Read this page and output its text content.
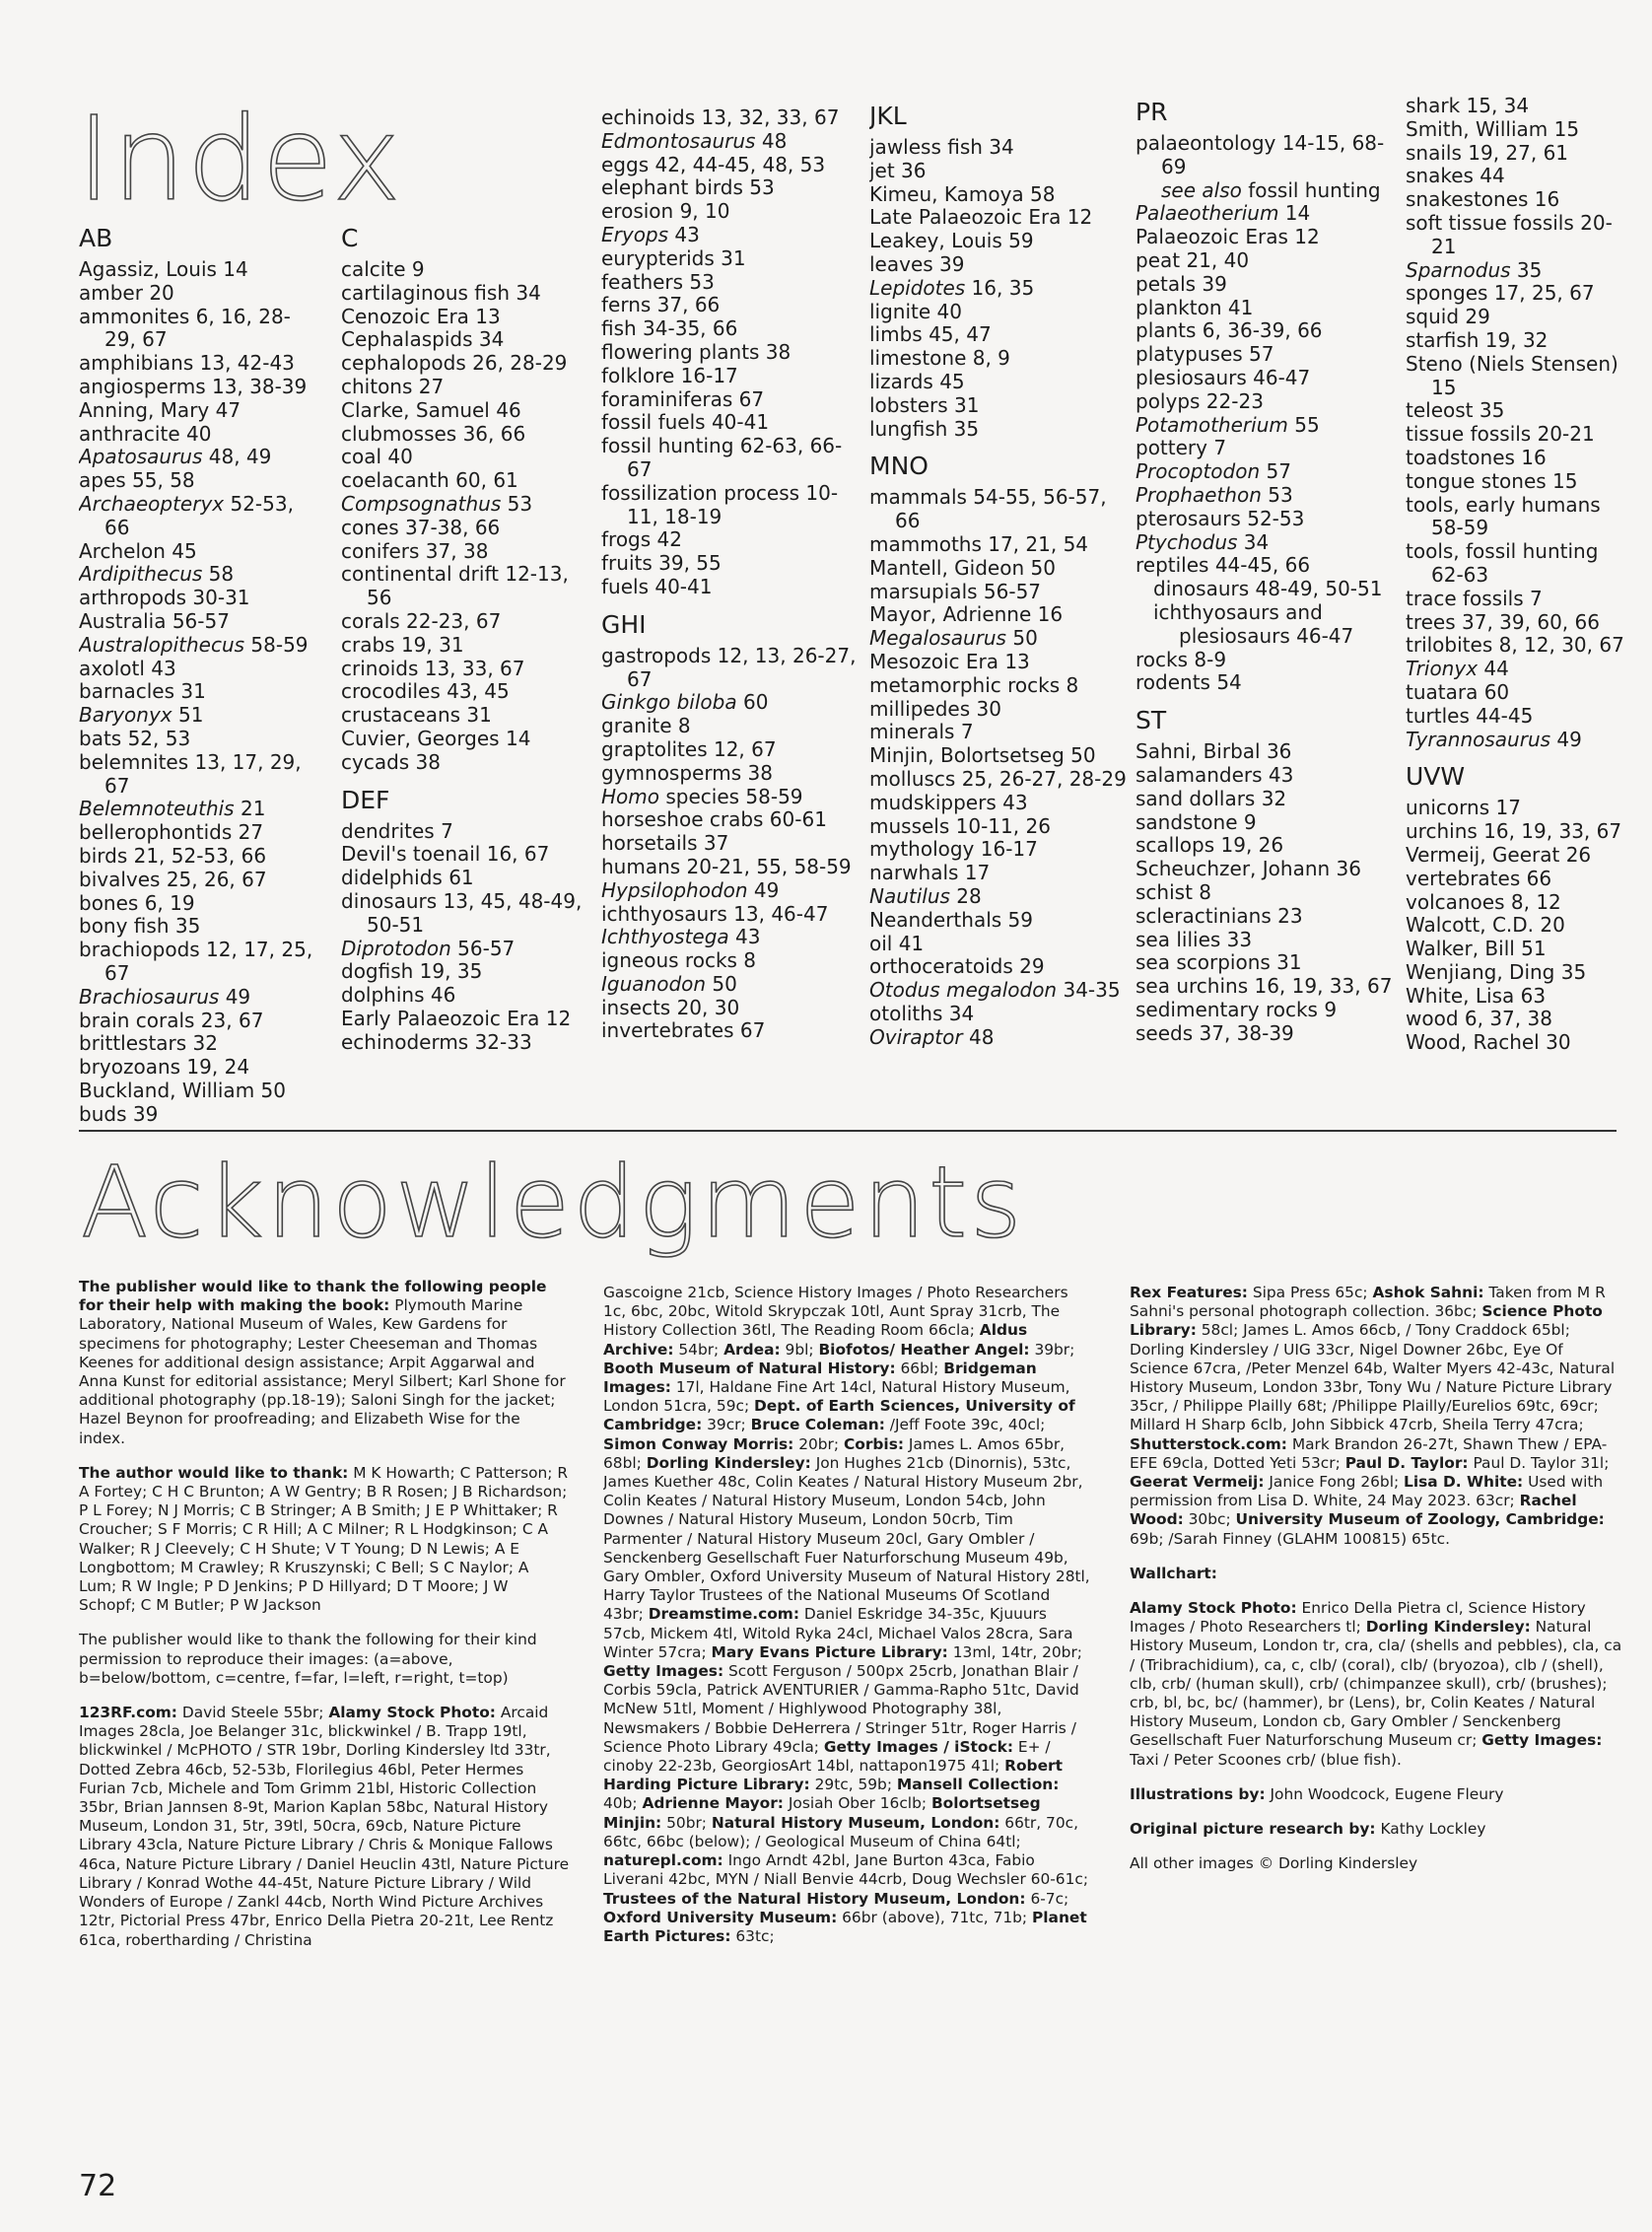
Index
AB
Agassiz, Louis 14
amber 20
ammonites 6, 16, 28-29, 67
amphibians 13, 42-43
angiosperms 13, 38-39
Anning, Mary 47
anthracite 40
Apatosaurus 48, 49
apes 55, 58
Archaeopteryx 52-53, 66
Archelon 45
Ardipithecus 58
arthropods 30-31
Australia 56-57
Australopithecus 58-59
axolotl 43
barnacles 31
Baryonyx 51
bats 52, 53
belemnites 13, 17, 29, 67
Belemnoteuthis 21
bellerophontids 27
birds 21, 52-53, 66
bivalves 25, 26, 67
bones 6, 19
bony fish 35
brachiopods 12, 17, 25, 67
Brachiosaurus 49
brain corals 23, 67
brittlestars 32
bryozoans 19, 24
Buckland, William 50
buds 39
C
calcite 9
cartilaginous fish 34
Cenozoic Era 13
Cephalaspids 34
cephalopods 26, 28-29
chitons 27
Clarke, Samuel 46
clubmosses 36, 66
coal 40
coelacanth 60, 61
Compsognathus 53
cones 37-38, 66
conifers 37, 38
continental drift 12-13, 56
corals 22-23, 67
crabs 19, 31
crinoids 13, 33, 67
crocodiles 43, 45
crustaceans 31
Cuvier, Georges 14
cycads 38
DEF
dendrites 7
Devil's toenail 16, 67
didelphids 61
dinosaurs 13, 45, 48-49, 50-51
Diprotodon 56-57
dogfish 19, 35
dolphins 46
Early Palaeozoic Era 12
echinoderms 32-33
echinoids 13, 32, 33, 67
Edmontosaurus 48
eggs 42, 44-45, 48, 53
elephant birds 53
erosion 9, 10
Eryops 43
eurypterids 31
feathers 53
ferns 37, 66
fish 34-35, 66
flowering plants 38
folklore 16-17
foraminiferas 67
fossil fuels 40-41
fossil hunting 62-63, 66-67
fossilization process 10-11, 18-19
frogs 42
fruits 39, 55
fuels 40-41
GHI
gastropods 12, 13, 26-27, 67
Ginkgo biloba 60
granite 8
graptolites 12, 67
gymnosperms 38
Homo species 58-59
horseshoe crabs 60-61
horsetails 37
humans 20-21, 55, 58-59
Hypsilophodon 49
ichthyosaurs 13, 46-47
Ichthyostega 43
igneous rocks 8
Iguanodon 50
insects 20, 30
invertebrates 67
JKL
jawless fish 34
jet 36
Kimeu, Kamoya 58
Late Palaeozoic Era 12
Leakey, Louis 59
leaves 39
Lepidotes 16, 35
lignite 40
limbs 45, 47
limestone 8, 9
lizards 45
lobsters 31
lungfish 35
MNO
mammals 54-55, 56-57, 66
mammoths 17, 21, 54
Mantell, Gideon 50
marsupials 56-57
Mayor, Adrienne 16
Megalosaurus 50
Mesozoic Era 13
metamorphic rocks 8
millipedes 30
minerals 7
Minjin, Bolortsetseg 50
molluscs 25, 26-27, 28-29
mudskippers 43
mussels 10-11, 26
mythology 16-17
narwhals 17
Nautilus 28
Neanderthals 59
oil 41
orthoceratoids 29
Otodus megalodon 34-35
otoliths 34
Oviraptor 48
PR
palaeontology 14-15, 68-69
see also fossil hunting
Palaeotherium 14
Palaeozoic Eras 12
peat 21, 40
petals 39
plankton 41
plants 6, 36-39, 66
platypuses 57
plesiosaurs 46-47
polyps 22-23
Potamotherium 55
pottery 7
Procoptodon 57
Prophaethon 53
pterosaurs 52-53
Ptychodus 34
reptiles 44-45, 66
dinosaurs 48-49, 50-51
ichthyosaurs and plesiosaurs 46-47
rocks 8-9
rodents 54
ST
Sahni, Birbal 36
salamanders 43
sand dollars 32
sandstone 9
scallops 19, 26
Scheuchzer, Johann 36
schist 8
scleractinians 23
sea lilies 33
sea scorpions 31
sea urchins 16, 19, 33, 67
sedimentary rocks 9
seeds 37, 38-39
shark 15, 34
Smith, William 15
snails 19, 27, 61
snakes 44
snakestones 16
soft tissue fossils 20-21
Sparnodus 35
sponges 17, 25, 67
squid 29
starfish 19, 32
Steno (Niels Stensen) 15
teleost 35
tissue fossils 20-21
toadstones 16
tongue stones 15
tools, early humans 58-59
tools, fossil hunting 62-63
trace fossils 7
trees 37, 39, 60, 66
trilobites 8, 12, 30, 67
Trionyx 44
tuatara 60
turtles 44-45
Tyrannosaurus 49
UVW
unicorns 17
urchins 16, 19, 33, 67
Vermeij, Geerat 26
vertebrates 66
volcanoes 8, 12
Walcott, C.D. 20
Walker, Bill 51
Wenjiang, Ding 35
White, Lisa 63
wood 6, 37, 38
Wood, Rachel 30
Acknowledgments

The publisher would like to thank the following people for their help with making the book: Plymouth Marine Laboratory, National Museum of Wales, Kew Gardens for specimens for photography; Lester Cheeseman and Thomas Keenes for additional design assistance; Arpit Aggarwal and Anna Kunst for editorial assistance; Meryl Silbert; Karl Shone for additional photography (pp.18-19); Saloni Singh for the jacket; Hazel Beynon for proofreading; and Elizabeth Wise for the index.

The author would like to thank: M K Howarth; C Patterson; R A Fortey; C H C Brunton; A W Gentry; B R Rosen; J B Richardson; P L Forey; N J Morris; C B Stringer; A B Smith; J E P Whittaker; R Croucher; S F Morris; C R Hill; A C Milner; R L Hodgkinson; C A Walker; R J Cleevely; C H Shute; V T Young; D N Lewis; A E Longbottom; M Crawley; R Kruszynski; C Bell; S C Naylor; A Lum; R W Ingle; P D Jenkins; P D Hillyard; D T Moore; J W Schopf; C M Butler; P W Jackson

The publisher would like to thank the following for their kind permission to reproduce their images: (a=above, b=below/bottom, c=centre, f=far, l=left, r=right, t=top)

123RF.com: David Steele 55br; Alamy Stock Photo: Arcaid Images 28cla, Joe Belanger 31c, blickwinkel / B. Trapp 19tl, blickwinkel / McPHOTO / STR 19br, Dorling Kindersley ltd 33tr, Dotted Zebra 46cb, 52-53b, Florilegius 46bl, Peter Hermes Furian 7cb, Michele and Tom Grimm 21bl, Historic Collection 35br, Brian Jannsen 8-9t, Marion Kaplan 58bc, Natural History Museum, London 31, 5tr, 39tl, 50cra, 69cb, Nature Picture Library 43cla, Nature Picture Library / Chris & Monique Fallows 46ca, Nature Picture Library / Daniel Heuclin 43tl, Nature Picture Library / Konrad Wothe 44-45t, Nature Picture Library / Wild Wonders of Europe / Zankl 44cb, North Wind Picture Archives 12tr, Pictorial Press 47br, Enrico Della Pietra 20-21t, Lee Rentz 61ca, robertharding / Christina

Gascoigne 21cb, Science History Images / Photo Researchers 1c, 6bc, 20bc, Witold Skrypczak 10tl, Aunt Spray 31crb, The History Collection 36tl, The Reading Room 66cla; Aldus Archive: 54br; Ardea: 9bl; Biofotos/ Heather Angel: 39br; Booth Museum of Natural History: 66bl; Bridgeman Images: 17l, Haldane Fine Art 14cl, Natural History Museum, London 51cra, 59c; Dept. of Earth Sciences, University of Cambridge: 39cr; Bruce Coleman: /Jeff Foote 39c, 40cl; Simon Conway Morris: 20br; Corbis: James L. Amos 65br, 68bl; Dorling Kindersley: Jon Hughes 21cb (Dinornis), 53tc, James Kuether 48c, Colin Keates / Natural History Museum 2br, Colin Keates / Natural History Museum, London 54cb, John Downes / Natural History Museum, London 50crb, Tim Parmenter / Natural History Museum 20cl, Gary Ombler / Senckenberg Gesellschaft Fuer Naturforschung Museum 49b, Gary Ombler, Oxford University Museum of Natural History 28tl, Harry Taylor Trustees of the National Museums Of Scotland 43br; Dreamstime.com: Daniel Eskridge 34-35c, Kjuuurs 57cb, Mickem 4tl, Witold Ryka 24cl, Michael Valos 28cra, Sara Winter 57cra; Mary Evans Picture Library: 13ml, 14tr, 20br; Getty Images: Scott Ferguson / 500px 25crb, Jonathan Blair / Corbis 59cla, Patrick AVENTURIER / Gamma-Rapho 51tc, David McNew 51tl, Moment / Highlywood Photography 38l, Newsmakers / Bobbie DeHerrera / Stringer 51tr, Roger Harris / Science Photo Library 49cla; Getty Images / iStock: E+ / cinoby 22-23b, GeorgiosArt 14bl, nattapon1975 41l; Robert Harding Picture Library: 29tc, 59b; Mansell Collection: 40b; Adrienne Mayor: Josiah Ober 16clb; Bolortsetseg Minjin: 50br; Natural History Museum, London: 66tr, 70c, 66tc, 66bc (below); / Geological Museum of China 64tl; naturepl.com: Ingo Arndt 42bl, Jane Burton 43ca, Fabio Liverani 42bc, MYN / Niall Benvie 44crb, Doug Wechsler 60-61c; Trustees of the Natural History Museum, London: 6-7c; Oxford University Museum: 66br (above), 71tc, 71b; Planet Earth Pictures: 63tc;

Rex Features: Sipa Press 65c; Ashok Sahni: Taken from M R Sahni's personal photograph collection. 36bc; Science Photo Library: 58cl; James L. Amos 66cb, / Tony Craddock 65bl; Dorling Kindersley / UIG 33cr, Nigel Downer 26bc, Eye Of Science 67cra, /Peter Menzel 64b, Walter Myers 42-43c, Natural History Museum, London 33br, Tony Wu / Nature Picture Library 35cr, / Philippe Plailly 68t; /Philippe Plailly/Eurelios 69tc, 69cr; Millard H Sharp 6clb, John Sibbick 47crb, Sheila Terry 47cra; Shutterstock.com: Mark Brandon 26-27t, Shawn Thew / EPA-EFE 69cla, Dotted Yeti 53cr; Paul D. Taylor: Paul D. Taylor 31l; Geerat Vermeij: Janice Fong 26bl; Lisa D. White: Used with permission from Lisa D. White, 24 May 2023. 63cr; Rachel Wood: 30bc; University Museum of Zoology, Cambridge: 69b; /Sarah Finney (GLAHM 100815) 65tc.

Wallchart:

Alamy Stock Photo: Enrico Della Pietra cl, Science History Images / Photo Researchers tl; Dorling Kindersley: Natural History Museum, London tr, cra, cla/ (shells and pebbles), cla, ca / (Tribrachidium), ca, c, clb/ (coral), clb/ (bryozoa), clb / (shell), clb, crb/ (human skull), crb/ (chimpanzee skull), crb/ (brushes); crb, bl, bc, bc/ (hammer), br (Lens), br, Colin Keates / Natural History Museum, London cb, Gary Ombler / Senckenberg Gesellschaft Fuer Naturforschung Museum cr; Getty Images: Taxi / Peter Scoones crb/ (blue fish).

Illustrations by: John Woodcock, Eugene Fleury

Original picture research by: Kathy Lockley

All other images © Dorling Kindersley

72
